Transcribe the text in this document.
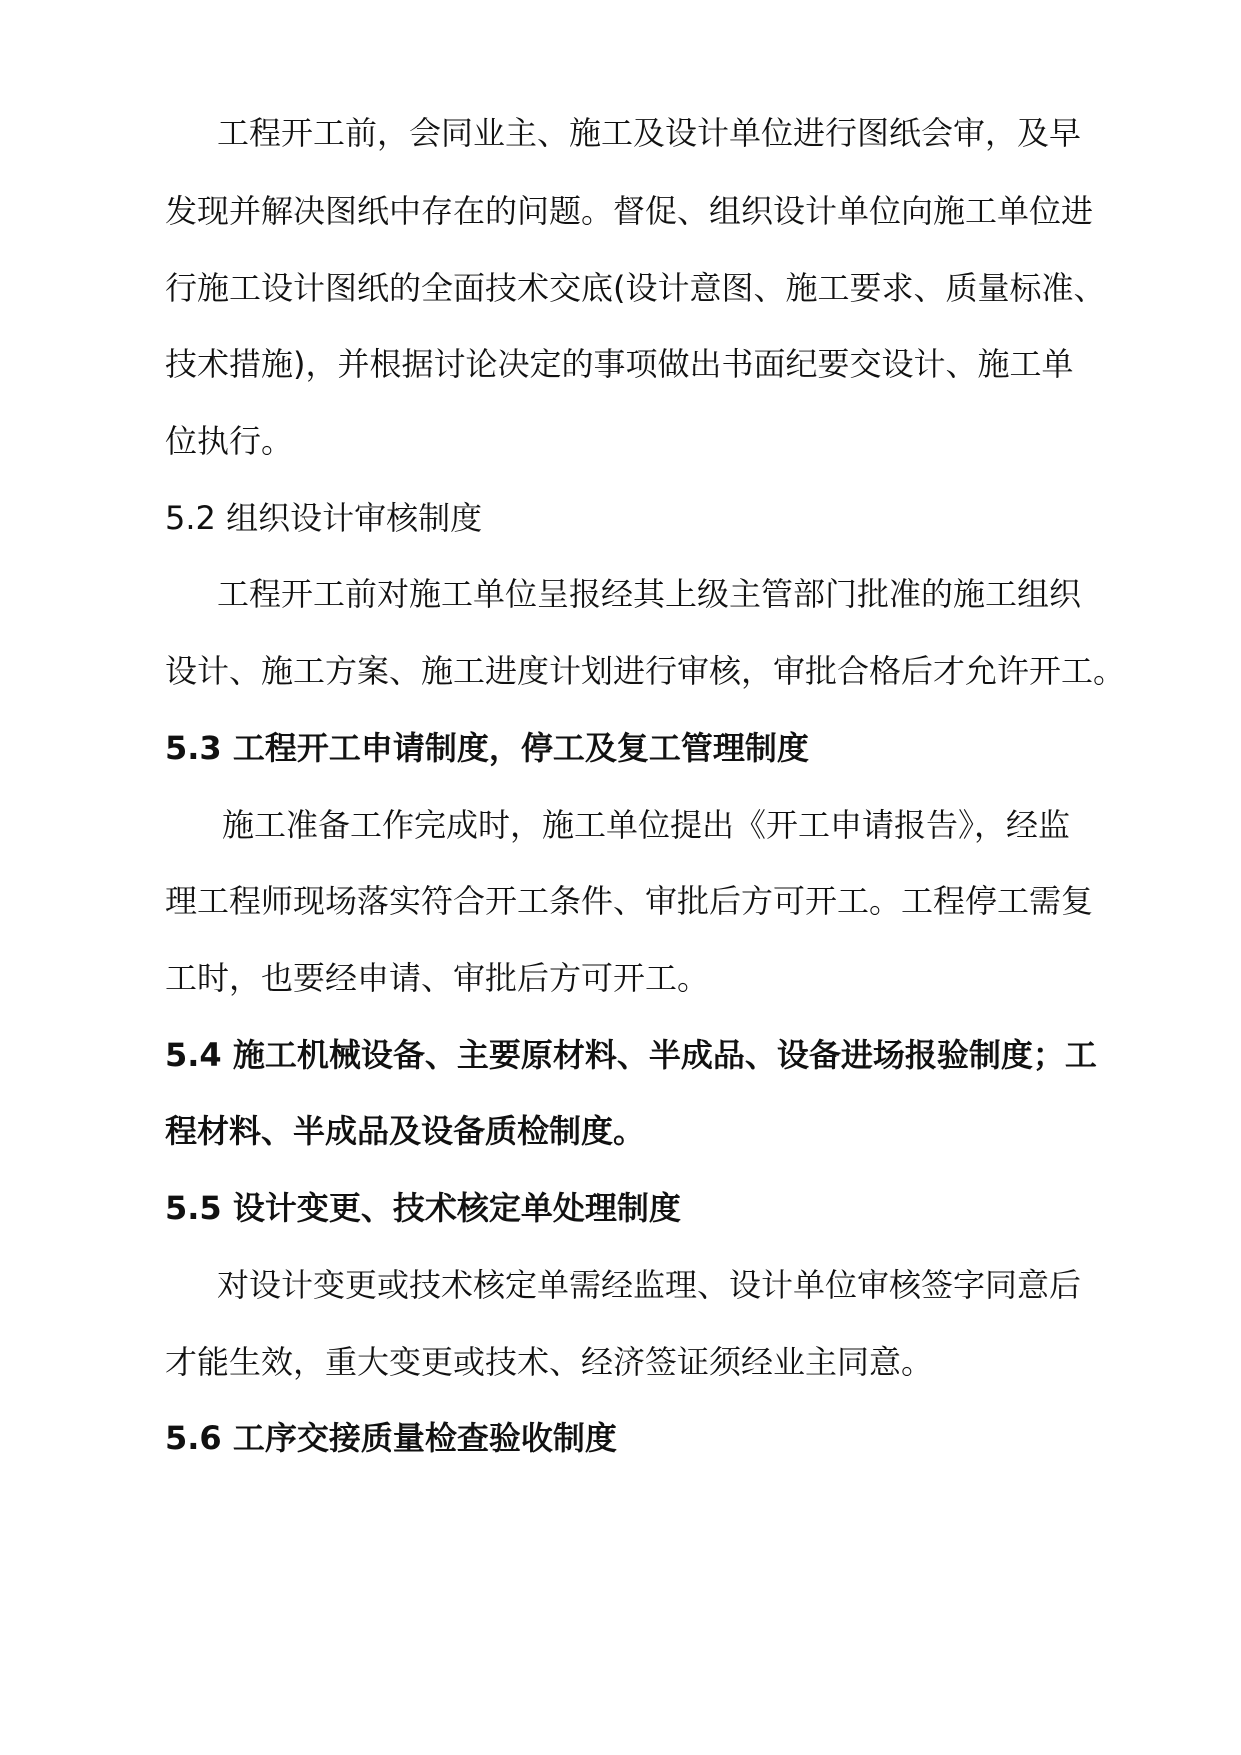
工程开工前，会同业主、施工及设计单位进行图纸会审，及早
发现并解决图纸中存在的问题。督促、组织设计单位向施工单位进
行施工设计图纸的全面技术交底(设计意图、施工要求、质量标准、
技术措施)，并根据讨论决定的事项做出书面纪要交设计、施工单
位执行。
5.2 组织设计审核制度
工程开工前对施工单位呈报经其上级主管部门批准的施工组织
设计、施工方案、施工进度计划进行审核，审批合格后才允许开工。
5.3 工程开工申请制度，停工及复工管理制度
施工准备工作完成时，施工单位提出《开工申请报告》，经监
理工程师现场落实符合开工条件、审批后方可开工。工程停工需复
工时，也要经申请、审批后方可开工。
5.4 施工机械设备、主要原材料、半成品、设备进场报验制度；工
程材料、半成品及设备质检制度。
5.5 设计变更、技术核定单处理制度
对设计变更或技术核定单需经监理、设计单位审核签字同意后
才能生效，重大变更或技术、经济签证须经业主同意。
5.6 工序交接质量检查验收制度
